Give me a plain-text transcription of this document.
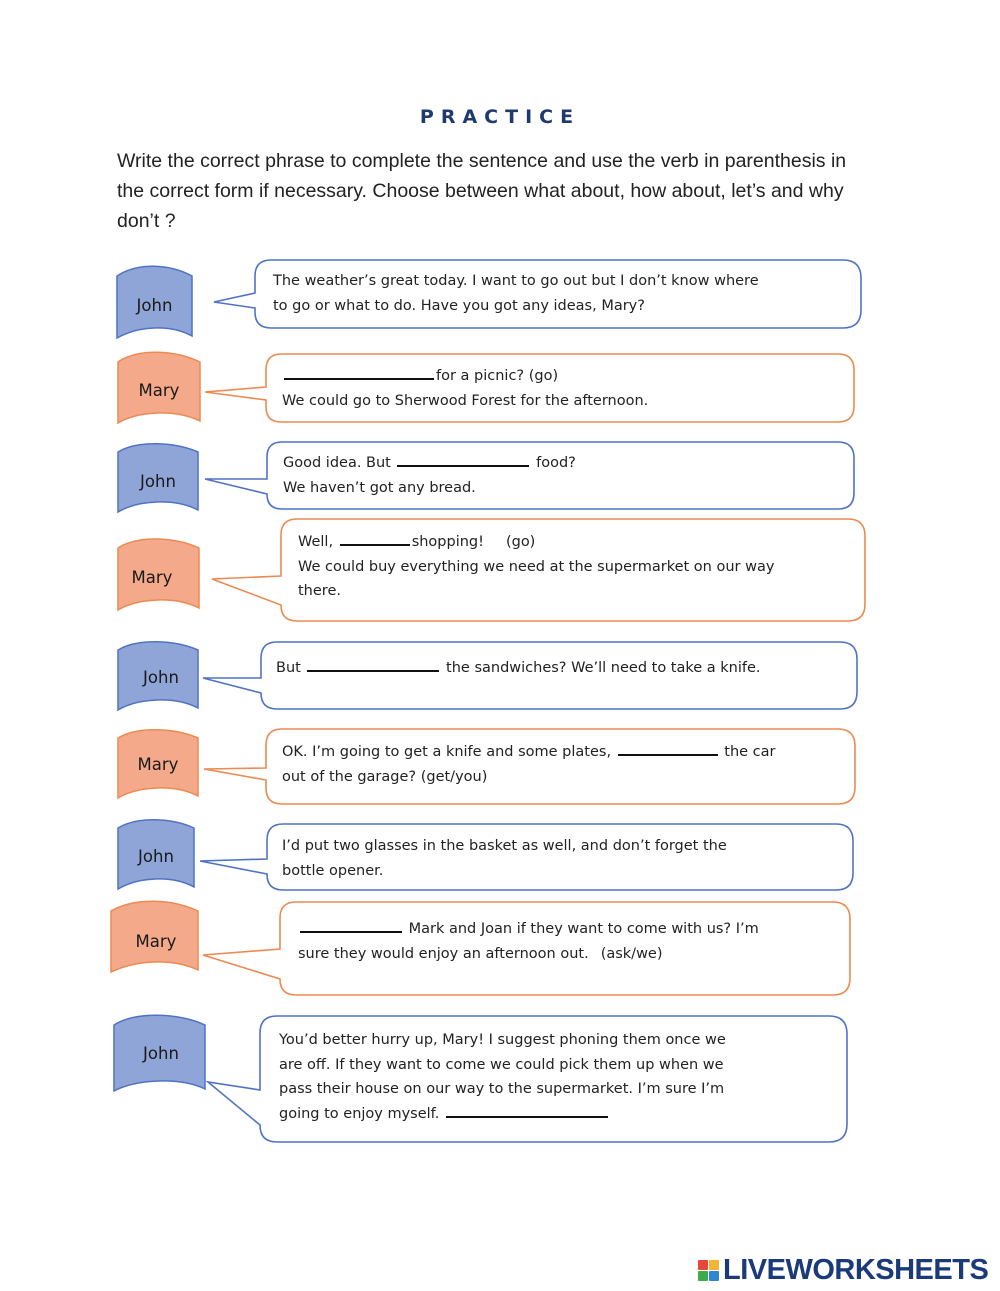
PRACTICE
Write the correct phrase to complete the sentence and use the verb in parenthesis in the correct form if necessary. Choose between what about, how about, let’s and why don’t ?
John
Mary
John
Mary
John
Mary
John
Mary
John
The weather’s great today. I want to go out but I don’t know where
to go or what to do. Have you got any ideas, Mary?
for a picnic? (go)
We could go to Sherwood Forest for the afternoon.
Good idea. But	food?
We haven’t got any bread.
Well,	shopping! (go)
We could buy everything we need at the supermarket on our way
there.
But	the sandwiches? We’ll need to take a knife.
OK. I’m going to get a knife and some plates,	the car
out of the garage? (get/you)
I’d put two glasses in the basket as well, and don’t forget the
bottle opener.
Mark and Joan if they want to come with us? I’m
sure they would enjoy an afternoon out. (ask/we)
You’d better hurry up, Mary! I suggest phoning them once we
are off. If they want to come we could pick them up when we
pass their house on our way to the supermarket. I’m sure I’m
going to enjoy myself.
LIVEWORKSHEETS
